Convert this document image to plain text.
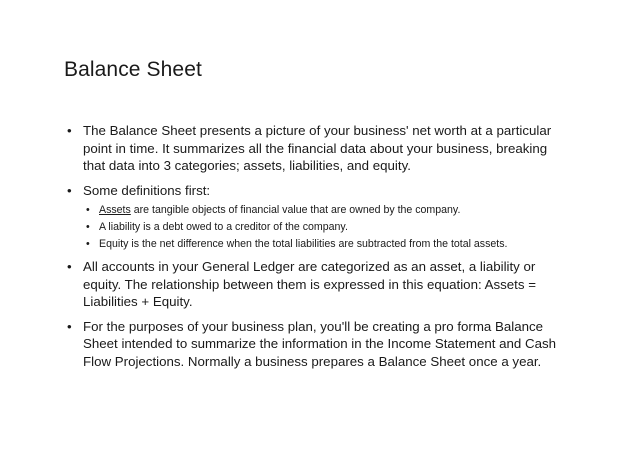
Balance Sheet
• The Balance Sheet presents a picture of your business' net worth at a particular point in time. It summarizes all the financial data about your business, breaking that data into 3 categories; assets, liabilities, and equity.
• Some definitions first:
• Assets are tangible objects of financial value that are owned by the company.
• A liability is a debt owed to a creditor of the company.
• Equity is the net difference when the total liabilities are subtracted from the total assets.
• All accounts in your General Ledger are categorized as an asset, a liability or equity. The relationship between them is expressed in this equation: Assets = Liabilities + Equity.
• For the purposes of your business plan, you'll be creating a pro forma Balance Sheet intended to summarize the information in the Income Statement and Cash Flow Projections. Normally a business prepares a Balance Sheet once a year.
